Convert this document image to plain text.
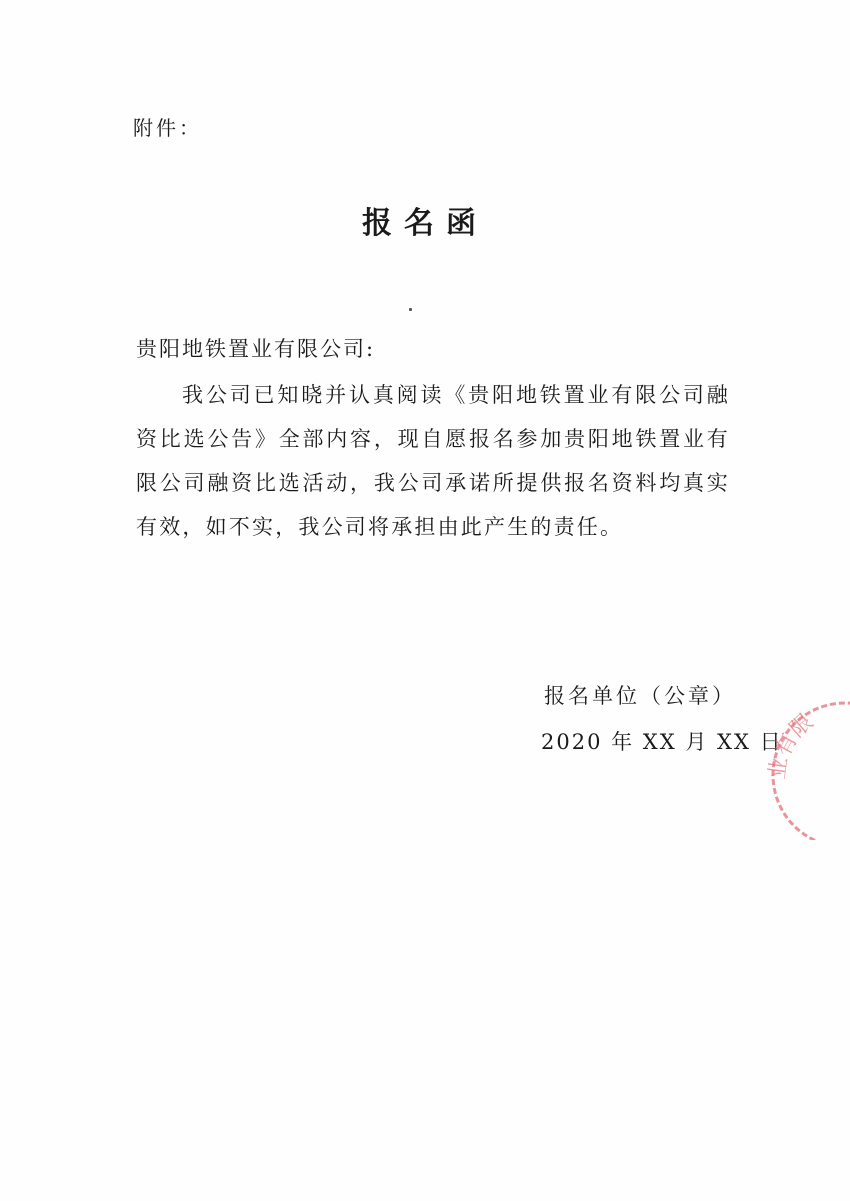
附件：
报名函
贵阳地铁置业有限公司:
我公司已知晓并认真阅读《贵阳地铁置业有限公司融资比选公告》全部内容，现自愿报名参加贵阳地铁置业有限公司融资比选活动，我公司承诺所提供报名资料均真实有效，如不实，我公司将承担由此产生的责任。
报名单位（公章）
2020 年 XX 月 XX 日
业有限
